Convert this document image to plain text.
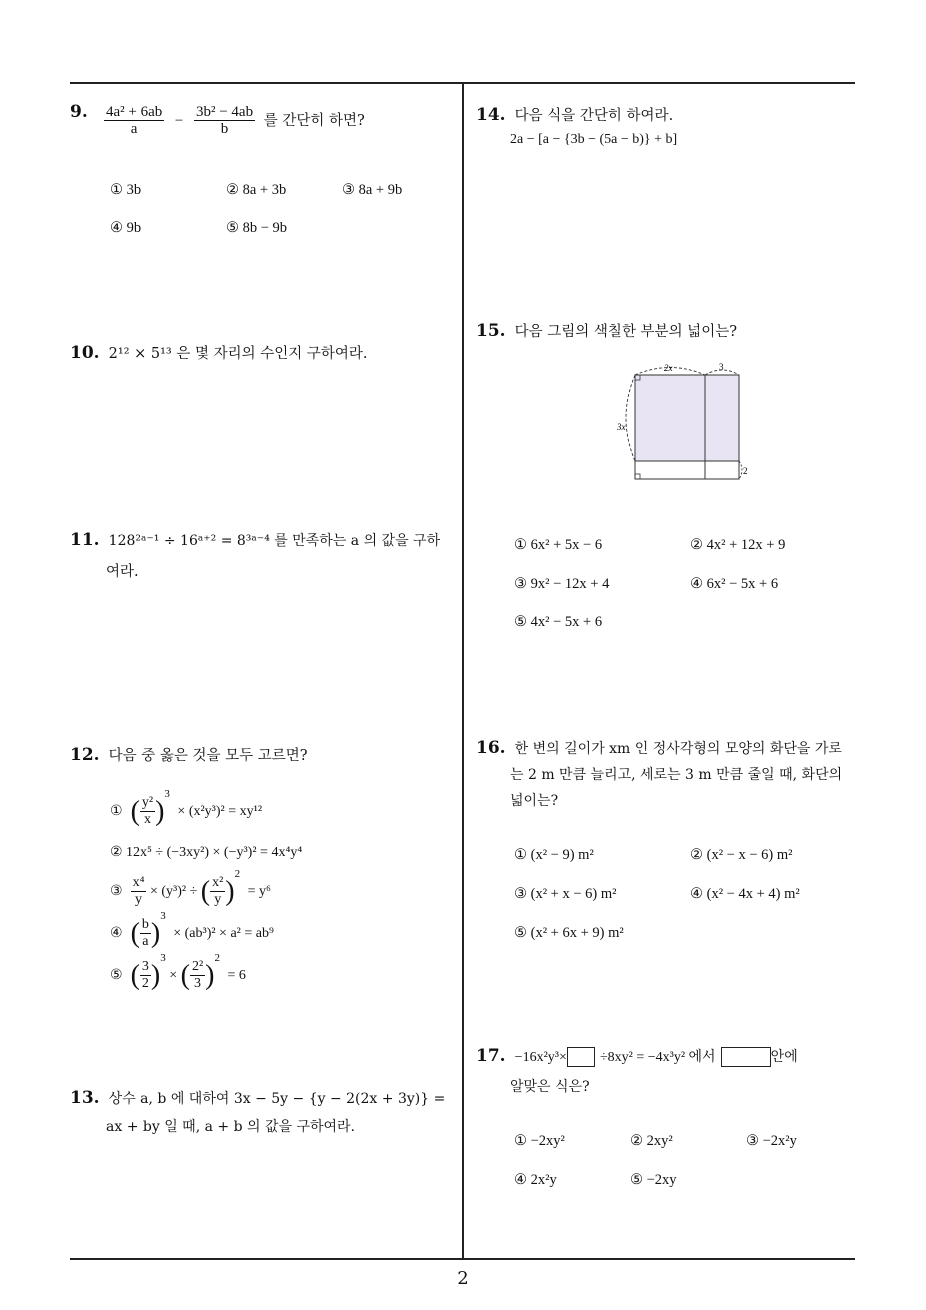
9. $\frac{\text{4a² + 6ab}}{a} - \frac{\text{3b² − 4ab}}{b}$ 를 간단히 하면?
① 3b	② 8a + 3b	③ 8a + 9b
④ 9b	⑤ 8b − 9b
10. 2¹² × 5¹³ 은 몇 자리의 수인지 구하여라.
11. 128²ᵃ⁻¹ ÷ 16ᵃ⁺² = 8³ᵃ⁻⁴ 를 만족하는 a 의 값을 구하
여라.
12. 다음 중 옳은 것을 모두 고르면?
① ( $\frac{\text{y²}}{x} )^3 \times (x^2y^3)^2 = xy^{12}$
② 12x⁵ ÷ (−3xy²) × (−y³)² = 4x⁴y⁴
③ $\frac{\text{x⁴}}{y} \times (y^3)^2$ ÷ ( $\frac{\text{x²}}{y} )^2 = y^6$
④ ( $\frac{b}{a} )^3 \times (ab^3)^2 \times a^2 = ab^9$
⑤ ( $\frac{3}{2} )^3$ × ( $\frac{\text{2²}}{3} )^2 = 6$
13. 상수 a, b 에 대하여 3x − 5y − {y − 2(2x + 3y)} =
ax + by 일 때, a + b 의 값을 구하여라.
14. 다음 식을 간단히 하여라.
2a − [a − {3b − (5a − b)} + b]
15. 다음 그림의 색칠한 부분의 넓이는?
2x	3
3x
2
① 6x² + 5x − 6	② 4x² + 12x + 9
③ 9x² − 12x + 4	④ 6x² − 5x + 6
⑤ 4x² − 5x + 6
16. 한 변의 길이가 xm 인 정사각형의 모양의 화단을 가로
는 2 m 만큼 늘리고, 세로는 3 m 만큼 줄일 때, 화단의
넓이는?
① (x² − 9) m²	② (x² − x − 6) m²
③ (x² + x − 6) m²	④ (x² − 4x + 4) m²
⑤ (x² + 6x + 9) m²
17. −16x²y³× ÷8xy² = −4x³y² 에서	안에
알맞은 식은?
① −2xy²	② 2xy²	③ −2x²y
④ 2x²y	⑤ −2xy
2
